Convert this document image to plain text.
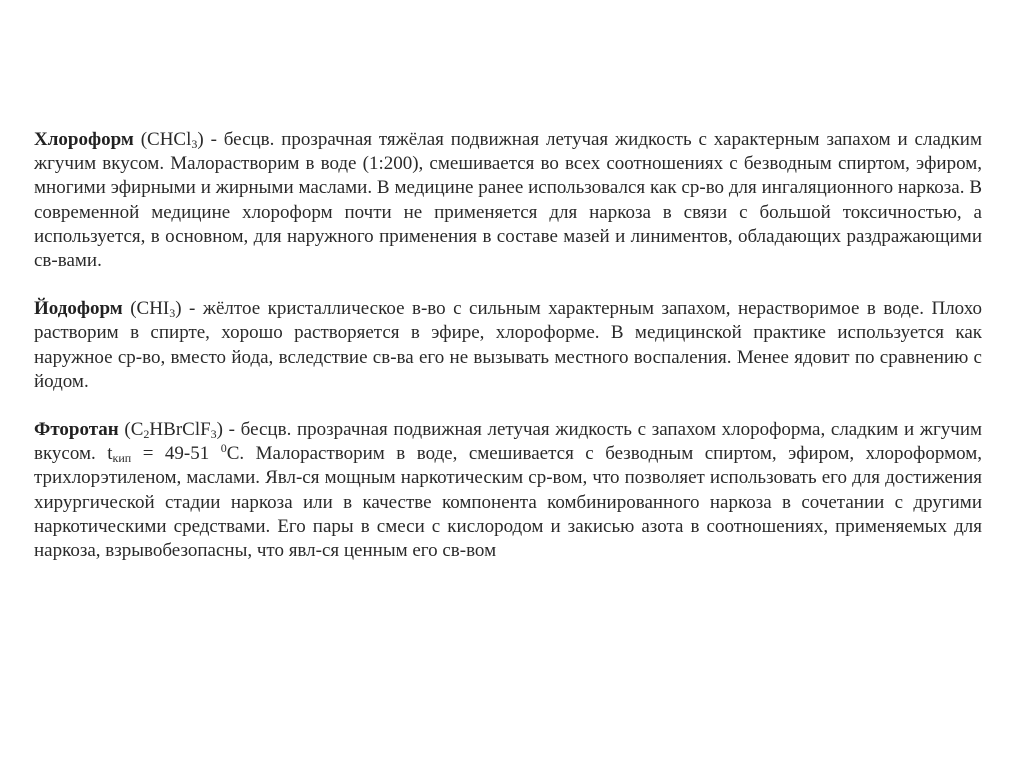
Хлороформ (CHCl$_3$) - бесцв. прозрачная тяжёлая подвижная летучая жидкость с характерным запахом и сладким жгучим вкусом. Малорастворим в воде (1:200), смешивается во всех соотношениях с безводным спиртом, эфиром, многими эфирными и жирными маслами. В медицине ранее использовался как ср-во для ингаляционного наркоза. В современной медицине хлороформ почти не применяется для наркоза в связи с большой токсичностью, а используется, в основном, для наружного применения в составе мазей и линиментов, обладающих раздражающими св-вами.

Йодоформ $(CHI_3)$ - жёлтое кристаллическое в-во с сильным характерным запахом, нерастворимое в воде. Плохо растворим в спирте, хорошо растворяется в эфире, хлороформе. В медицинской практике используется как наружное ср-во, вместо йода, вследствие св-ва его не вызывать местного воспаления. Менее ядовит по сравнению с йодом.

Фторотан $(C_2HBrClF_3)$ - бесцв. прозрачная подвижная летучая жидкость с запахом хлороформа, сладким и жгучим вкусом. $t_{кип} = 49-51$ $^0$С. Малорастворим в воде, смешивается с безводным спиртом, эфиром, хлороформом, трихлорэтиленом, маслами. Явл-ся мощным наркотическим ср-вом, что позволяет использовать его для достижения хирургической стадии наркоза или в качестве компонента комбинированного наркоза в сочетании с другими наркотическими средствами. Его пары в смеси с кислородом и закисью азота в соотношениях, применяемых для наркоза, взрывобезопасны, что явл-ся ценным его св-вом
